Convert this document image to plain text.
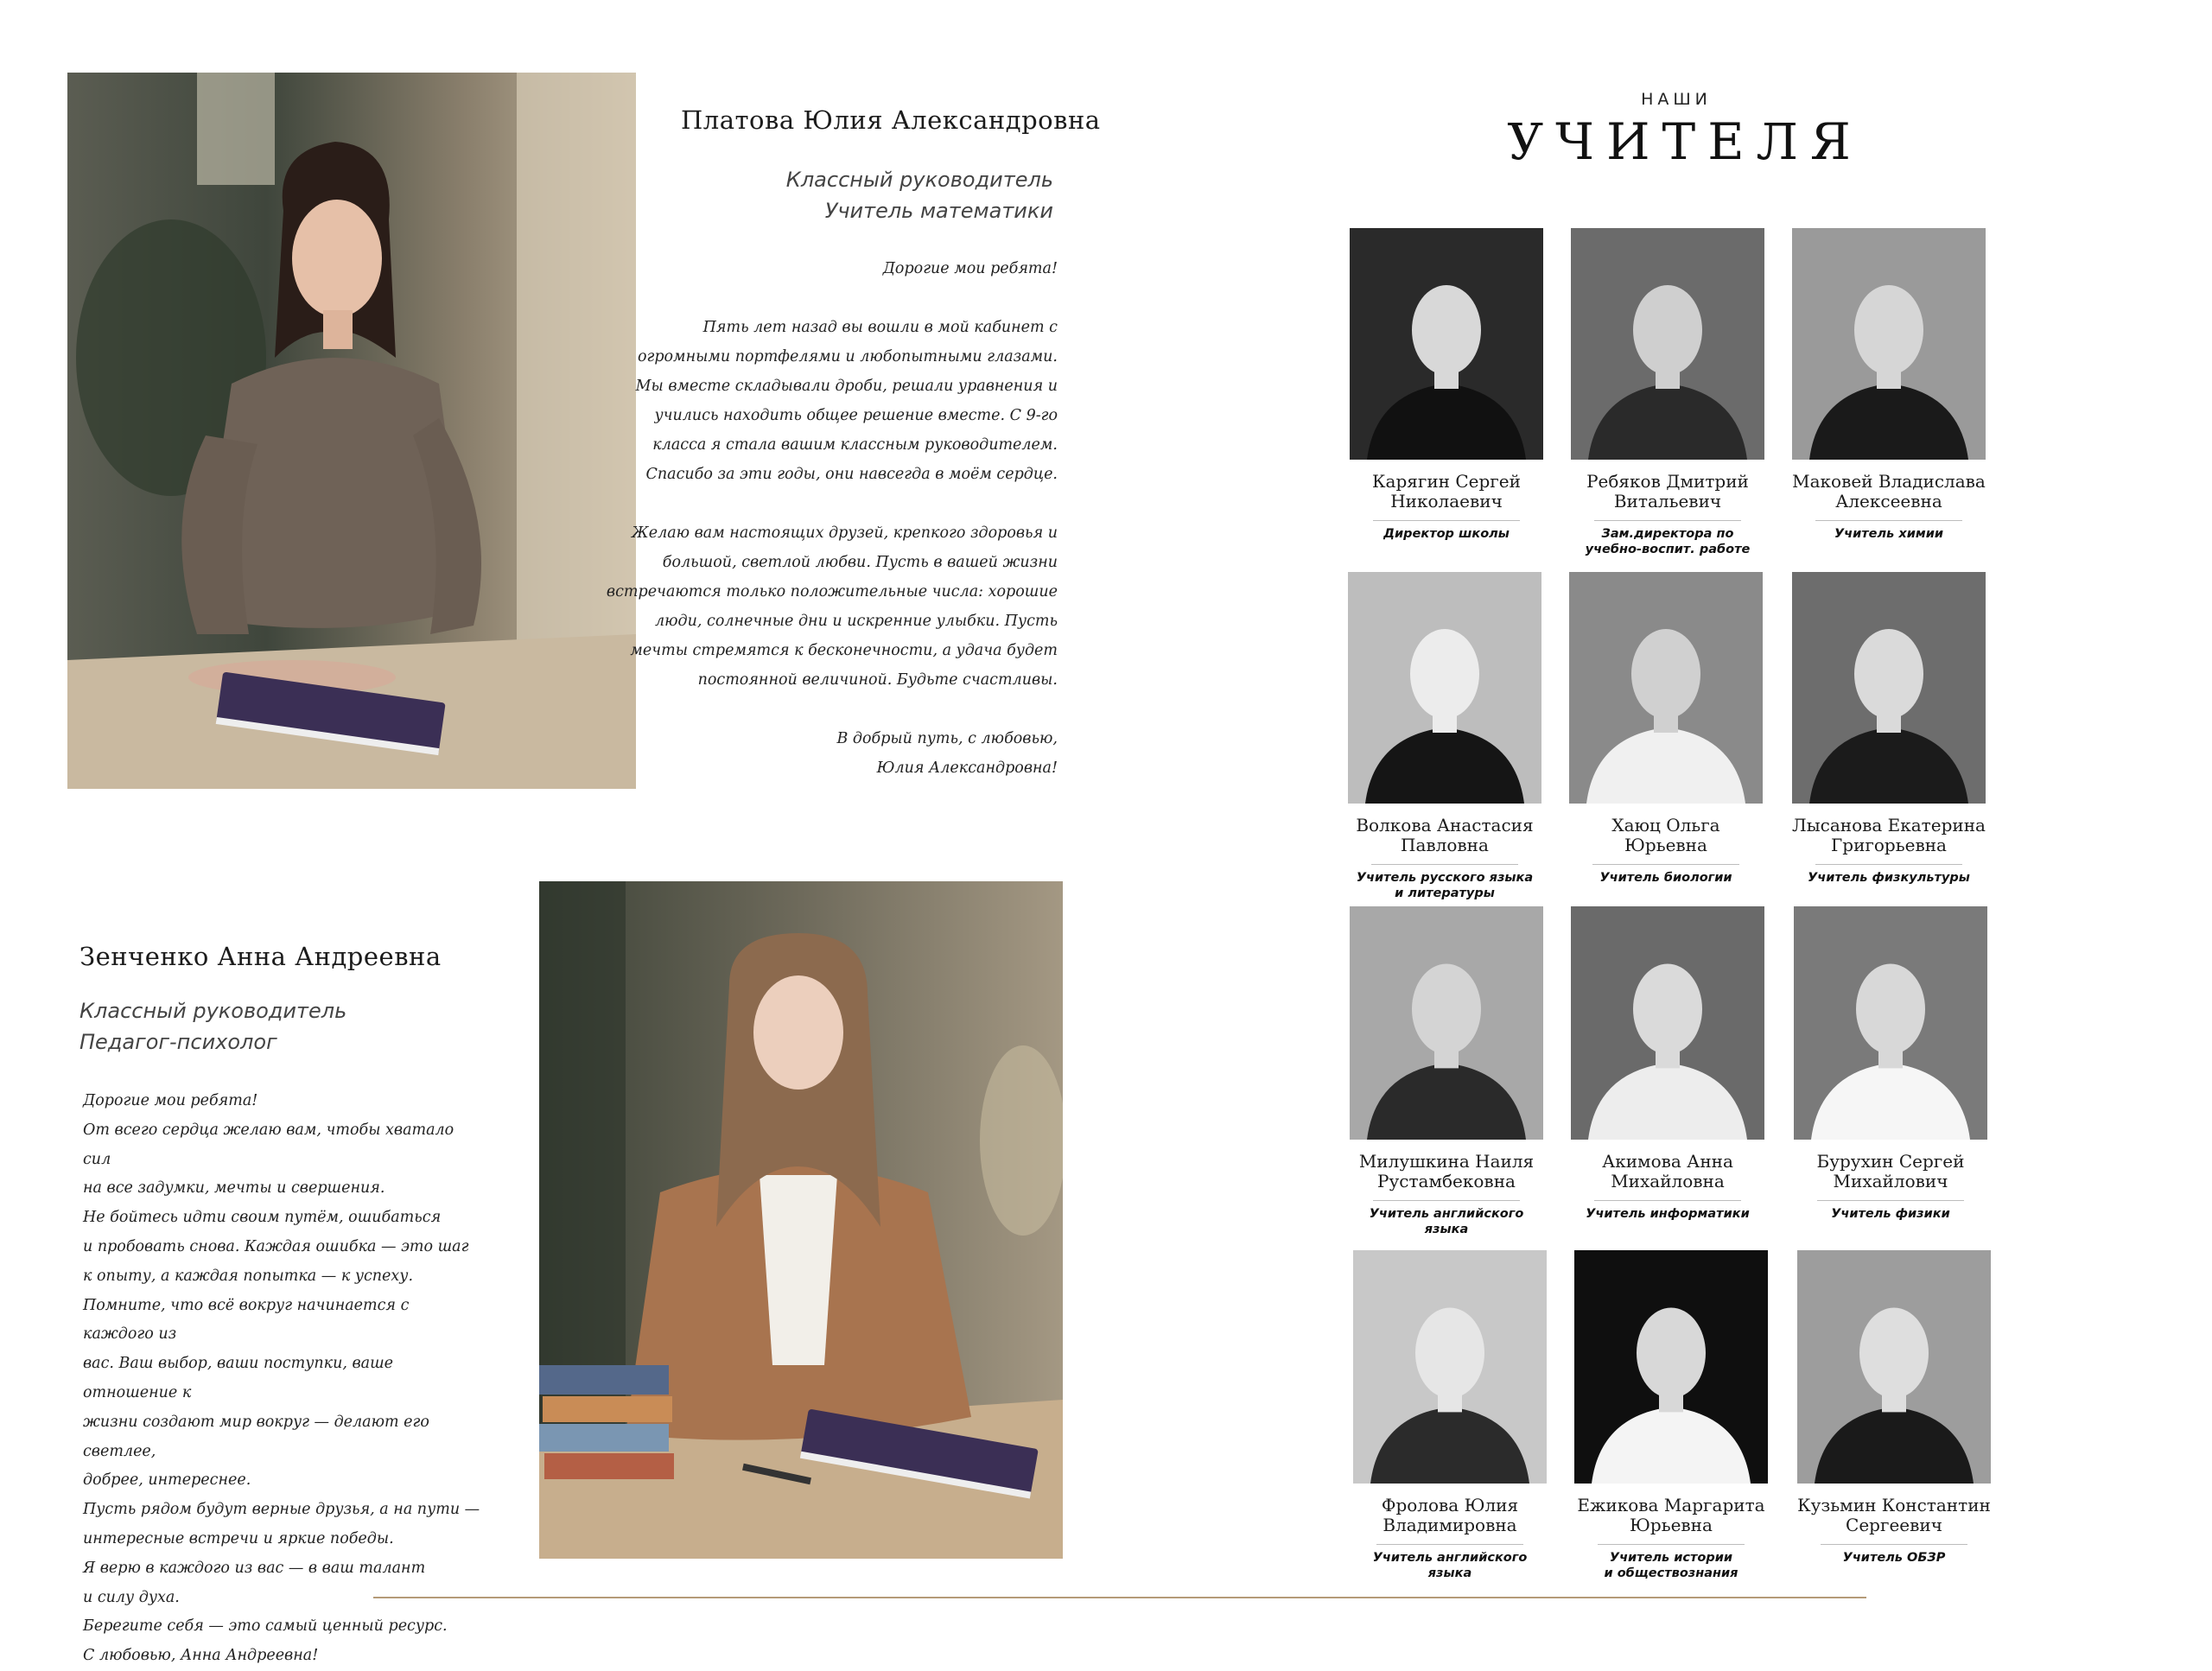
Платова Юлия Александровна
Классный руководитель
Учитель математики

Дорогие мои ребята!

Пять лет назад вы вошли в мой кабинет с

огромными портфелями и любопытными глазами.

Мы вместе складывали дроби, решали уравнения и

учились находить общее решение вместе. С 9-го

класса я стала вашим классным руководителем.

Спасибо за эти годы, они навсегда в моём сердце.

Желаю вам настоящих друзей, крепкого здоровья и

большой, светлой любви. Пусть в вашей жизни

встречаются только положительные числа: хорошие

люди, солнечные дни и искренние улыбки. Пусть

мечты стремятся к бесконечности, а удача будет

постоянной величиной. Будьте счастливы.

В добрый путь, с любовью,

Юлия Александровна!

Зенченко Анна Андреевна
Классный руководитель
Педагог-психолог

Дорогие мои ребята!

От всего сердца желаю вам, чтобы хватало сил

на все задумки, мечты и свершения.

Не бойтесь идти своим путём, ошибаться

и пробовать снова. Каждая ошибка — это шаг

к опыту, а каждая попытка — к успеху.

Помните, что всё вокруг начинается с каждого из

вас. Ваш выбор, ваши поступки, ваше отношение к

жизни создают мир вокруг — делают его светлее,

добрее, интереснее.

Пусть рядом будут верные друзья, а на пути —

интересные встречи и яркие победы.

Я верю в каждого из вас — в ваш талант

и силу духа.

Берегите себя — это самый ценный ресурс.

С любовью, Анна Андреевна!

НАШИ
УЧИТЕЛЯ
Карягин Сергей
Николаевич
Директор школы
Ребяков Дмитрий
Витальевич
Зам.директора по
учебно-воспит. работе
Маковей Владислава
Алексеевна
Учитель химии
Волкова Анастасия
Павловна
Учитель русского языка
и литературы
Хаюц Ольга
Юрьевна
Учитель биологии
Лысанова Екатерина
Григорьевна
Учитель физкультуры
Милушкина Наиля
Рустамбековна
Учитель английского
языка
Акимова Анна
Михайловна
Учитель информатики
Бурухин Сергей
Михайлович
Учитель физики
Фролова Юлия
Владимировна
Учитель английского
языка
Ежикова Маргарита
Юрьевна
Учитель истории
и обществознания
Кузьмин Константин
Сергеевич
Учитель ОБЗР
